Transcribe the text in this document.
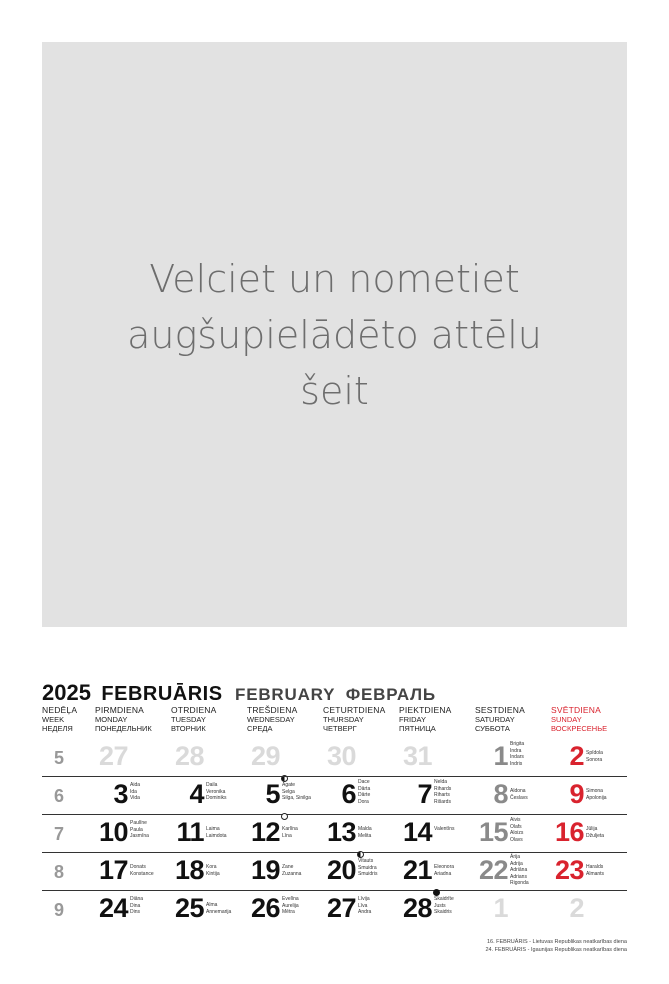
Velciet un nometiet augšupielādēto attēlu šeit
2025 FEBRUĀRIS FEBRUARY ФЕВРАЛЬ
NEDĒĻA
WEEK
НЕДЕЛЯ
PIRMDIENA
MONDAY
ПОНЕДЕЛЬНИК
OTRDIENA
TUESDAY
ВТОРНИК
TREŠDIENA
WEDNESDAY
СРЕДА
CETURTDIENA
THURSDAY
ЧЕТВЕРГ
PIEKTDIENA
FRIDAY
ПЯТНИЦА
SESTDIENA
SATURDAY
СУББОТА
SVĒTDIENA
SUNDAY
ВОСКРЕСЕНЬЕ
5 27 28 29 30 31 1 Brigita
Indra
Indars
Indris 2 Spīdola
Sonora
6 3 Aida
Ida
Vida 4 Daila
Veronika
Dominiks 5 Agate
Selga
Silga, Sinilga 6 Dace
Dārta
Dārte
Dora 7 Nelda
Rihards
Riharts
Rišards 8 Aldona
Česlavs 9 Simona
Apolonija
7 10 Paulīne
Paula
Jasmīna 11 Laima
Laimdota 12 Karlīna
Līna 13 Malda
Melita 14 Valentīns 15 Aivis
Olafs
Aloizs
Olavs 16 Jūlija
Džuljeta
8 17 Donats
Konstance 18 Kora
Kintija 19 Zane
Zuzanna 20 Vitauts
Smuidra
Smuidris 21 Eleonora
Ariadna 22 Ārija
Adrija
Adriāna
Adrians
Rigonda 23 Haralds
Almants
9 24 Diāna
Dina
Dins 25 Alma
Annemarija 26 Evelīna
Aurelija
Mētra 27 Līvija
Līva
Andra 28 Skaidrīte
Justs
Skaidris 1 2
16. FEBRUĀRIS - Lietuvas Republikas neatkarības diena
24. FEBRUĀRIS - Igaunijas Republikas neatkarības diena
